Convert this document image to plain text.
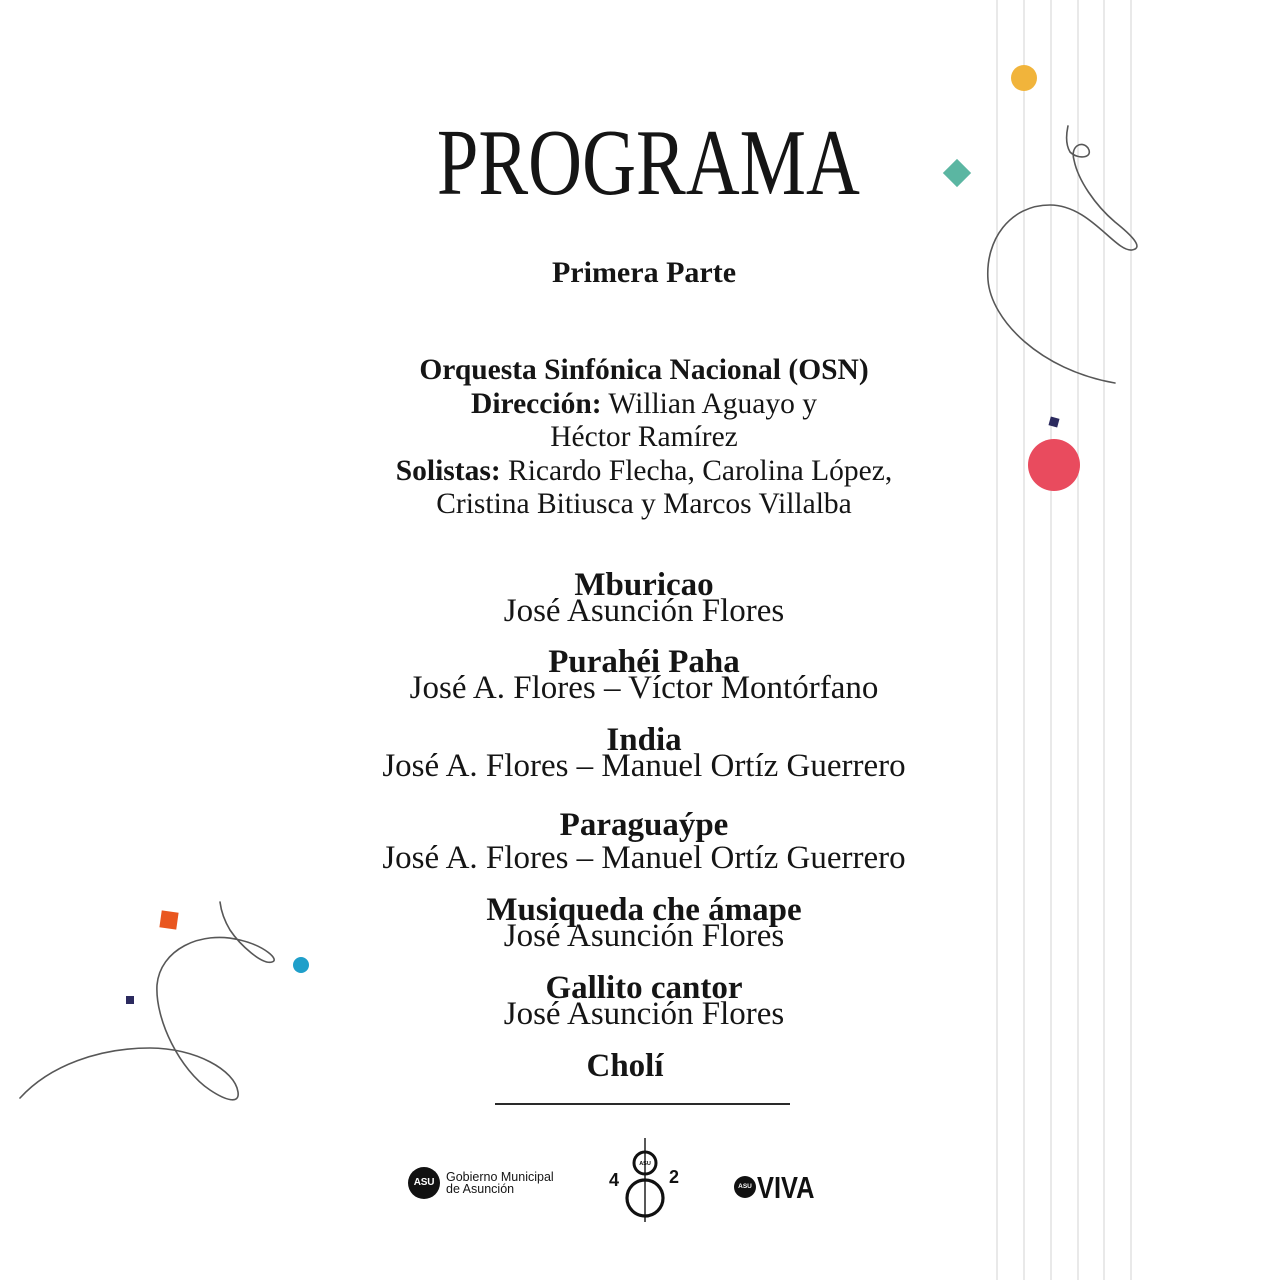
PROGRAMA
Primera Parte
Orquesta Sinfónica Nacional (OSN)
Dirección: Willian Aguayo y
Héctor Ramírez
Solistas: Ricardo Flecha, Carolina López,
Cristina Bitiusca y Marcos Villalba
Mburicao
José Asunción Flores
Purahéi Paha
José A. Flores – Víctor Montórfano
India
José A. Flores – Manuel Ortíz Guerrero
Paraguaýpe
José A. Flores – Manuel Ortíz Guerrero
Musiqueda che ámape
José Asunción Flores
Gallito cantor
José Asunción Flores
Cholí
ASU Gobierno Municipal
de Asunción
ASU
4	2	ASU VIVA
